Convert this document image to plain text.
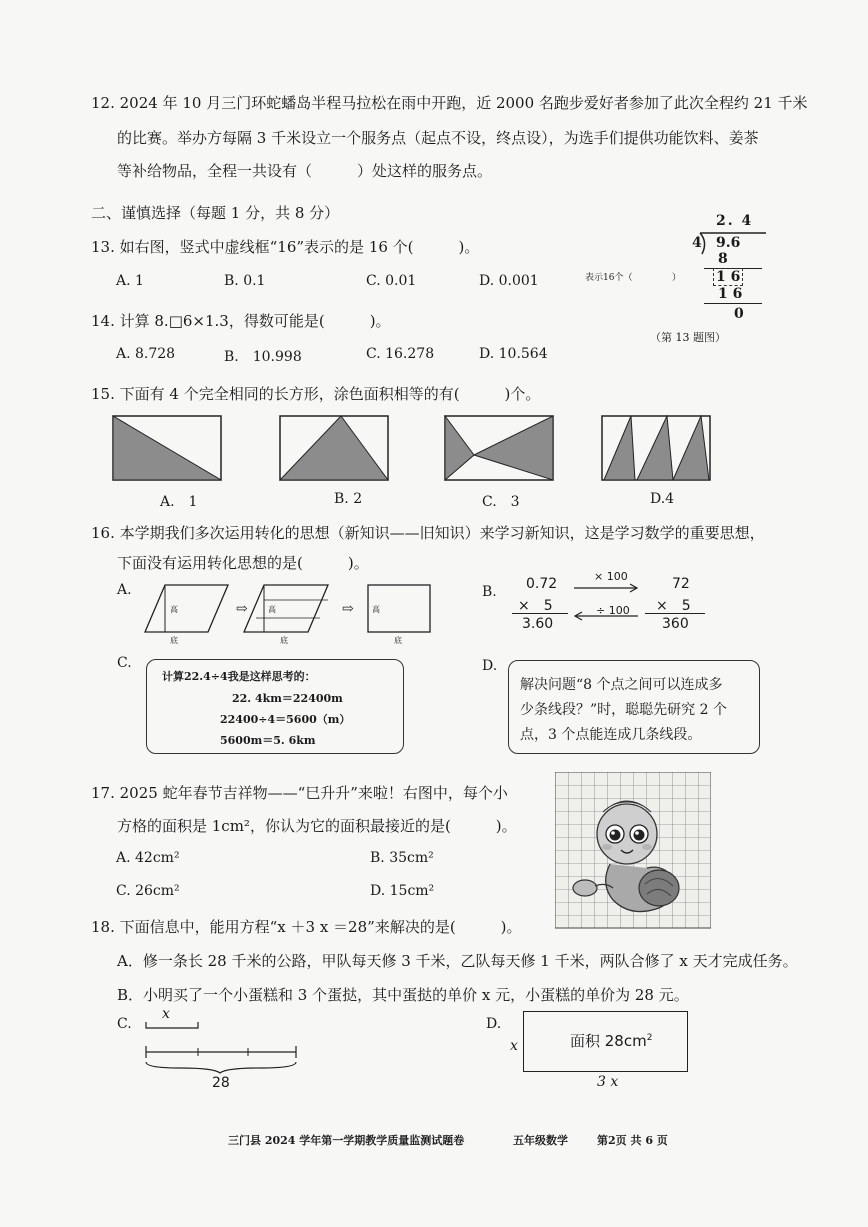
12. 2024 年 10 月三门环蛇蟠岛半程马拉松在雨中开跑，近 2000 名跑步爱好者参加了此次全程约 21 千米
的比赛。举办方每隔 3 千米设立一个服务点（起点不设，终点设），为选手们提供功能饮料、姜茶
等补给物品，全程一共设有（　　　）处这样的服务点。
二、谨慎选择（每题 1 分，共 8 分）
13. 如右图，竖式中虚线框“16”表示的是 16 个(　　　)。
A. 1	B. 0.1	C. 0.01	D. 0.001
2. 4
4 9.6
8
1 6
1 6
0
表示16个（	）
（第 13 题图）
14. 计算 8.□6×1.3，得数可能是(　　　)。
A. 8.728	B.　10.998	C. 16.278	D. 10.564
15. 下面有 4 个完全相同的长方形，涂色面积相等的有(　　　)个。
A.　1	B. 2	C.　3	D.4
16. 本学期我们多次运用转化的思想（新知识——旧知识）来学习新知识，这是学习数学的重要思想，
下面没有运用转化思想的是(　　　)。
A.
高
底
⇨	高
底
⇨ 高
底
B. 0.72
×　5
3.60
× 100
÷ 100
72
×　5
360
C.
计算22.4÷4我是这样思考的：
22. 4km＝22400m
22400÷4＝5600（m）
5600m＝5. 6km
D.
解决问题“8 个点之间可以连成多
少条线段？”时，聪聪先研究 2 个
点，3 个点能连成几条线段。
17. 2025 蛇年春节吉祥物——“巳升升”来啦！右图中，每个小
方格的面积是 1cm²，你认为它的面积最接近的是(　　　)。
A. 42cm²	B. 35cm²
C. 26cm²	D. 15cm²
18. 下面信息中，能用方程“x ＋3 x ＝28”来解决的是(　　　)。
A．修一条长 28 千米的公路，甲队每天修 3 千米，乙队每天修 1 千米，两队合修了 x 天才完成任务。
B．小明买了一个小蛋糕和 3 个蛋挞，其中蛋挞的单价 x 元，小蛋糕的单价为 28 元。
C.
x
28
D.
x	面积 $28cm^2$
3 x
三门县 2024 学年第一学期教学质量监测试题卷	五年级数学	第2页 共 6 页
